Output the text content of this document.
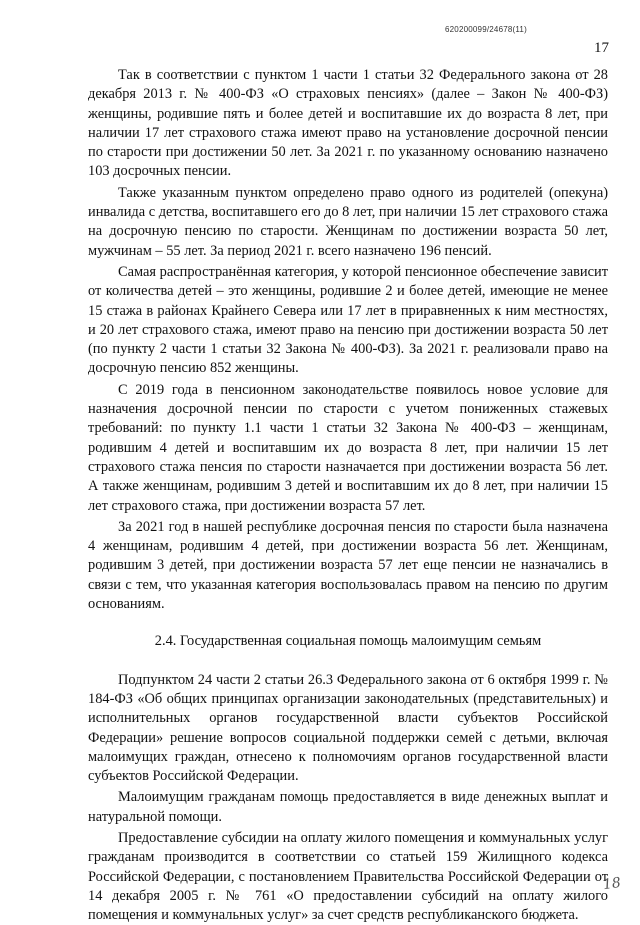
620200099/24678(11)
17

Так в соответствии с пунктом 1 части 1 статьи 32 Федерального закона от 28 декабря 2013 г. № 400-ФЗ «О страховых пенсиях» (далее – Закон № 400-ФЗ) женщины, родившие пять и более детей и воспитавшие их до возраста 8 лет, при наличии 17 лет страхового стажа имеют право на установление досрочной пенсии по старости при достижении 50 лет. За 2021 г. по указанному основанию назначено 103 досрочных пенсии.

Также указанным пунктом определено право одного из родителей (опекуна) инвалида с детства, воспитавшего его до 8 лет, при наличии 15 лет страхового стажа на досрочную пенсию по старости. Женщинам по достижении возраста 50 лет, мужчинам – 55 лет. За период 2021 г. всего назначено 196 пенсий.

Самая распространённая категория, у которой пенсионное обеспечение зависит от количества детей – это женщины, родившие 2 и более детей, имеющие не менее 15 стажа в районах Крайнего Севера или 17 лет в приравненных к ним местностях, и 20 лет страхового стажа, имеют право на пенсию при достижении возраста 50 лет (по пункту 2 части 1 статьи 32 Закона № 400-ФЗ). За 2021 г. реализовали право на досрочную пенсию 852 женщины.

С 2019 года в пенсионном законодательстве появилось новое условие для назначения досрочной пенсии по старости с учетом пониженных стажевых требований: по пункту 1.1 части 1 статьи 32 Закона № 400-ФЗ – женщинам, родившим 4 детей и воспитавшим их до возраста 8 лет, при наличии 15 лет страхового стажа пенсия по старости назначается при достижении возраста 56 лет. А также женщинам, родившим 3 детей и воспитавшим их до 8 лет, при наличии 15 лет страхового стажа, при достижении возраста 57 лет.

За 2021 год в нашей республике досрочная пенсия по старости была назначена 4 женщинам, родившим 4 детей, при достижении возраста 56 лет. Женщинам, родившим 3 детей, при достижении возраста 57 лет еще пенсии не назначались в связи с тем, что указанная категория воспользовалась правом на пенсию по другим основаниям.

2.4. Государственная социальная помощь малоимущим семьям

Подпунктом 24 части 2 статьи 26.3 Федерального закона от 6 октября 1999 г. № 184-ФЗ «Об общих принципах организации законодательных (представительных) и исполнительных органов государственной власти субъектов Российской Федерации» решение вопросов социальной поддержки семей с детьми, включая малоимущих граждан, отнесено к полномочиям органов государственной власти субъектов Российской Федерации.

Малоимущим гражданам помощь предоставляется в виде денежных выплат и натуральной помощи.

Предоставление субсидии на оплату жилого помещения и коммунальных услуг гражданам производится в соответствии со статьей 159 Жилищного кодекса Российской Федерации, с постановлением Правительства Российской Федерации от 14 декабря 2005 г. № 761 «О предоставлении субсидий на оплату жилого помещения и коммунальных услуг» за счет средств республиканского бюджета.

18
